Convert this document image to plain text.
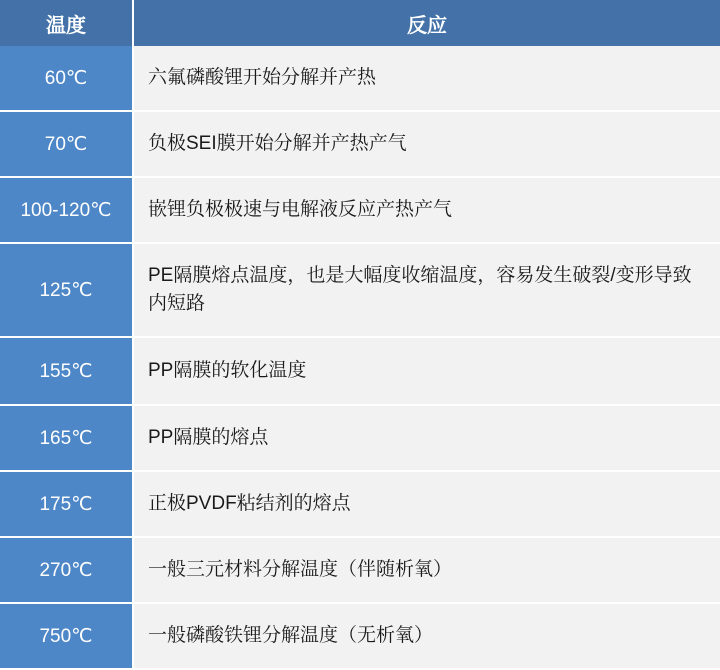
温度	反应
60℃	六氟磷酸锂开始分解并产热
70℃	负极SEI膜开始分解并产热产气
100-120℃	嵌锂负极极速与电解液反应产热产气
125℃	PE隔膜熔点温度，也是大幅度收缩温度，容易发生破裂/变形导致内短路
155℃	PP隔膜的软化温度
165℃	PP隔膜的熔点
175℃	正极PVDF粘结剂的熔点
270℃	一般三元材料分解温度（伴随析氧）
750℃	一般磷酸铁锂分解温度（无析氧）
